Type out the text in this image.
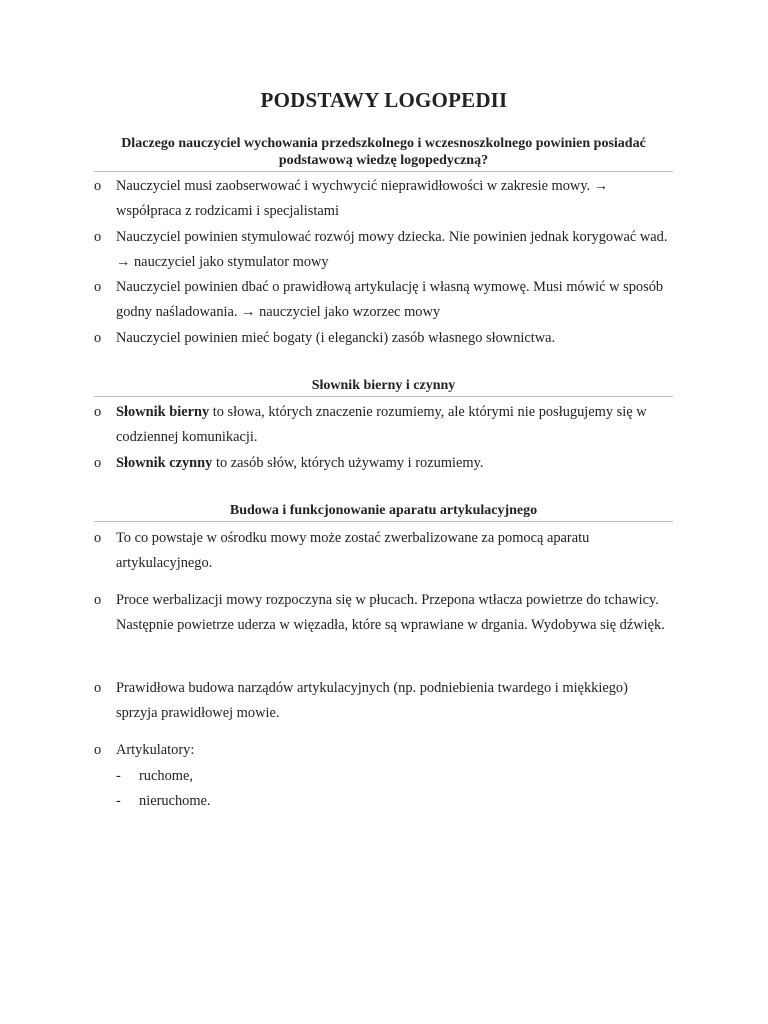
PODSTAWY LOGOPEDII
Dlaczego nauczyciel wychowania przedszkolnego i wczesnoszkolnego powinien posiadać podstawową wiedzę logopedyczną?
o Nauczyciel musi zaobserwować i wychwycić nieprawidłowości w zakresie mowy. → współpraca z rodzicami i specjalistami
o Nauczyciel powinien stymulować rozwój mowy dziecka. Nie powinien jednak korygować wad. → nauczyciel jako stymulator mowy
o Nauczyciel powinien dbać o prawidłową artykulację i własną wymowę. Musi mówić w sposób godny naśladowania. → nauczyciel jako wzorzec mowy
o Nauczyciel powinien mieć bogaty (i elegancki) zasób własnego słownictwa.
Słownik bierny i czynny
o Słownik bierny to słowa, których znaczenie rozumiemy, ale którymi nie posługujemy się w codziennej komunikacji.
o Słownik czynny to zasób słów, których używamy i rozumiemy.
Budowa i funkcjonowanie aparatu artykulacyjnego
o To co powstaje w ośrodku mowy może zostać zwerbalizowane za pomocą aparatu artykulacyjnego.
o Proce werbalizacji mowy rozpoczyna się w płucach. Przepona wtłacza powietrze do tchawicy. Następnie powietrze uderza w więzadła, które są wprawiane w drgania. Wydobywa się dźwięk.
o Prawidłowa budowa narządów artykulacyjnych (np. podniebienia twardego i miękkiego) sprzyja prawidłowej mowie.
o Artykulatory:
- ruchome,
- nieruchome.
